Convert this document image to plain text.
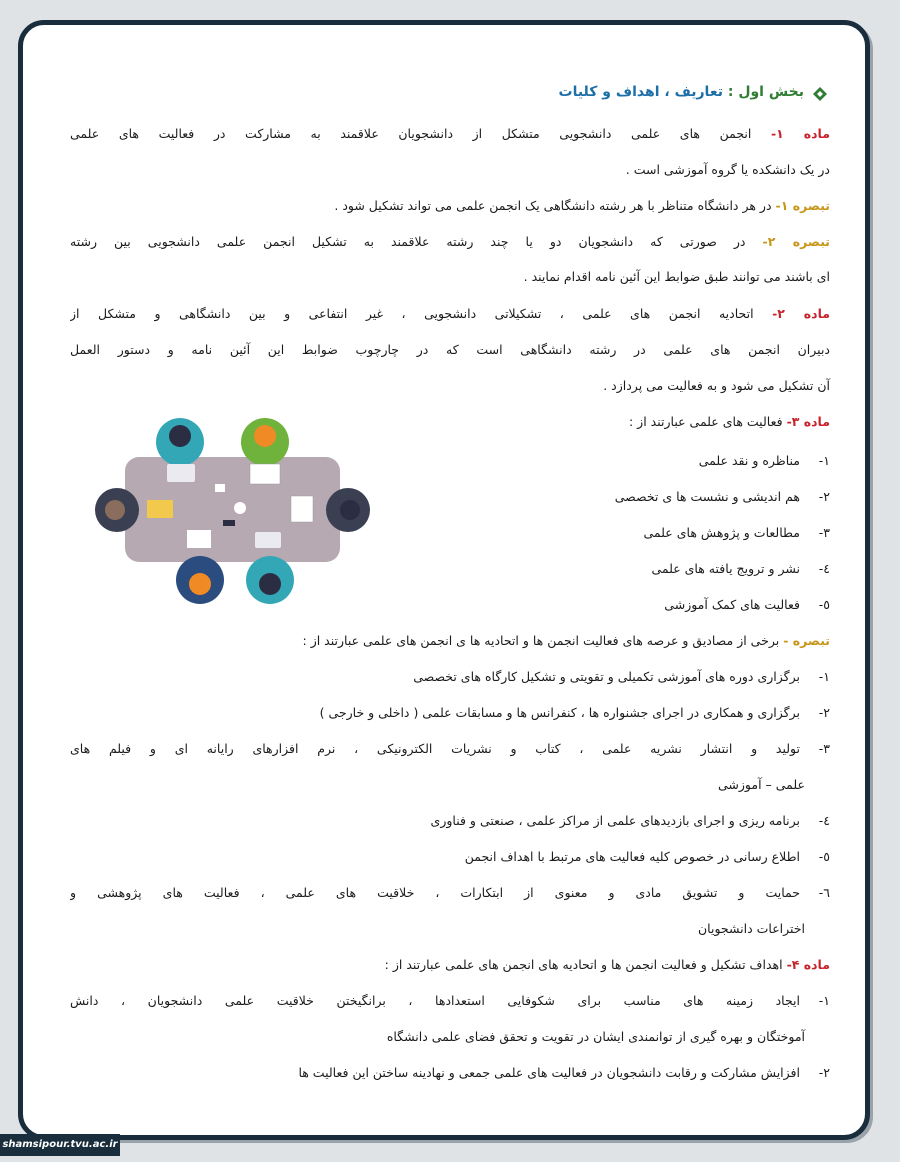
بخش اول : تعاریف ، اهداف و کلیات
ماده ۱- انجمن های علمی دانشجویی متشکل از دانشجویان علاقمند به مشارکت در فعالیت های علمی
در یک دانشکده یا گروه آموزشی است .
تبصره ۱- در هر دانشگاه متناظر با هر رشته دانشگاهی یک انجمن علمی می تواند تشکیل شود .
تبصره ۲- در صورتی که دانشجویان دو یا چند رشته علاقمند به تشکیل انجمن علمی دانشجویی بین رشته
ای باشند می توانند طبق ضوابط این آئین نامه اقدام نمایند .
ماده ۲- اتحادیه انجمن های علمی ، تشکیلاتی دانشجویی ، غیر انتفاعی و بین دانشگاهی و متشکل از
دبیران انجمن های علمی در رشته دانشگاهی است که در چارچوب ضوابط این آئین نامه و دستور العمل
آن تشکیل می شود و به فعالیت می پردازد .
ماده ۳- فعالیت های علمی عبارتند از :
۱-مناظره و نقد علمی
۲-هم اندیشی و نشست ها ی تخصصی
۳-مطالعات و پژوهش های علمی
٤-نشر و ترویج یافته های علمی
٥-فعالیت های کمک آموزشی
تبصره - برخی از مصادیق و عرصه های فعالیت انجمن ها و اتحادیه ها ی انجمن های علمی عبارتند از :
۱-برگزاری دوره های آموزشی تکمیلی و تقویتی و تشکیل کارگاه های تخصصی
۲-برگزاری و همکاری در اجرای جشنواره ها ، کنفرانس ها و مسابقات علمی ( داخلی و خارجی )
۳-تولید و انتشار نشریه علمی ، کتاب و نشریات الکترونیکی ، نرم افزارهای رایانه ای و فیلم های
علمی – آموزشی
٤-برنامه ریزی و اجرای بازدیدهای علمی از مراکز علمی ، صنعتی و فناوری
٥-اطلاع رسانی در خصوص کلیه فعالیت های مرتبط با اهداف انجمن
٦-حمایت و تشویق مادی و معنوی از ابتکارات ، خلاقیت های علمی ، فعالیت های پژوهشی و
اختراعات دانشجویان
ماده ۴- اهداف تشکیل و فعالیت انجمن ها و اتحادیه های انجمن های علمی عبارتند از :
۱-ایجاد زمینه های مناسب برای شکوفایی استعدادها ، برانگیختن خلاقیت علمی دانشجویان ، دانش
آموختگان و بهره گیری از توانمندی ایشان در تقویت و تحقق فضای علمی دانشگاه
۲-افزایش مشارکت و رقابت دانشجویان در فعالیت های علمی جمعی و نهادینه ساختن این فعالیت ها
shamsipour.tvu.ac.ir
